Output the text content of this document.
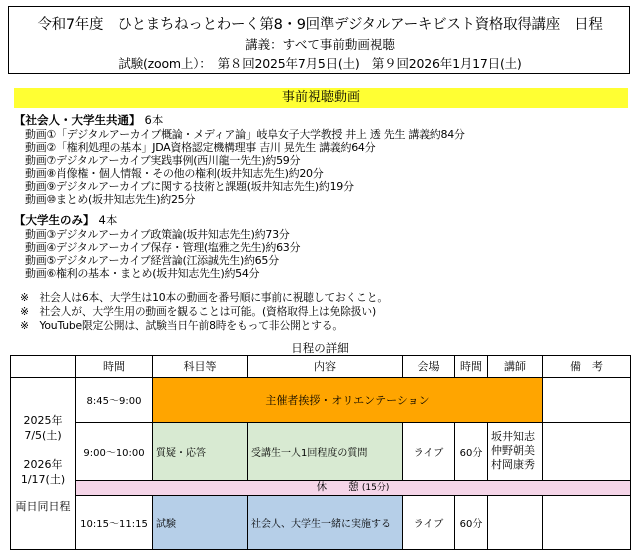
令和7年度　ひとまちねっとわーく第8・9回準デジタルアーキビスト資格取得講座　日程
講義：すべて事前動画視聴
試験(zoom上）：　第８回2025年7月5日(土)　第９回2026年1月17日(土)
事前視聴動画
【社会人・大学生共通】 6本
動画①「デジタルアーカイブ概論・メディア論」岐阜女子大学教授 井上 透 先生 講義約84分
動画②「権利処理の基本」JDA資格認定機構理事 吉川 晃先生 講義約64分
動画⑦デジタルアーカイブ実践事例(西川龍一先生)約59分
動画⑧肖像権・個人情報・その他の権利(坂井知志先生)約20分
動画⑨デジタルアーカイブに関する技術と課題(坂井知志先生)約19分
動画⑩まとめ(坂井知志先生)約25分
【大学生のみ】 4本
動画③デジタルアーカイブ政策論(坂井知志先生)約73分
動画④デジタルアーカイブ保存・管理(塩雅之先生)約63分
動画⑤デジタルアーカイブ経営論(江添誠先生)約65分
動画⑥権利の基本・まとめ(坂井知志先生)約54分
※　社会人は6本、大学生は10本の動画を番号順に事前に視聴しておくこと。
※　社会人が、大学生用の動画を観ることは可能。(資格取得上は免除扱い)
※　YouTube限定公開は、試験当日午前8時をもって非公開とする。
日程の詳細
	時間	科目等	内容	会場	時間	講師	備　考

2025年
7/5(土)
2026年
1/17(土)
両日同日程	8:45～9:00	主催者挨拶・オリエンテーション					
	9:00～10:00	質疑・応答	受講生一人1回程度の質問	ライブ	60分	坂井知志
仲野朝美
村岡康秀	

	休　　憩 (15分)						
	10:15～11:15	試験	社会人、大学生一緒に実施する	ライブ	60分		
